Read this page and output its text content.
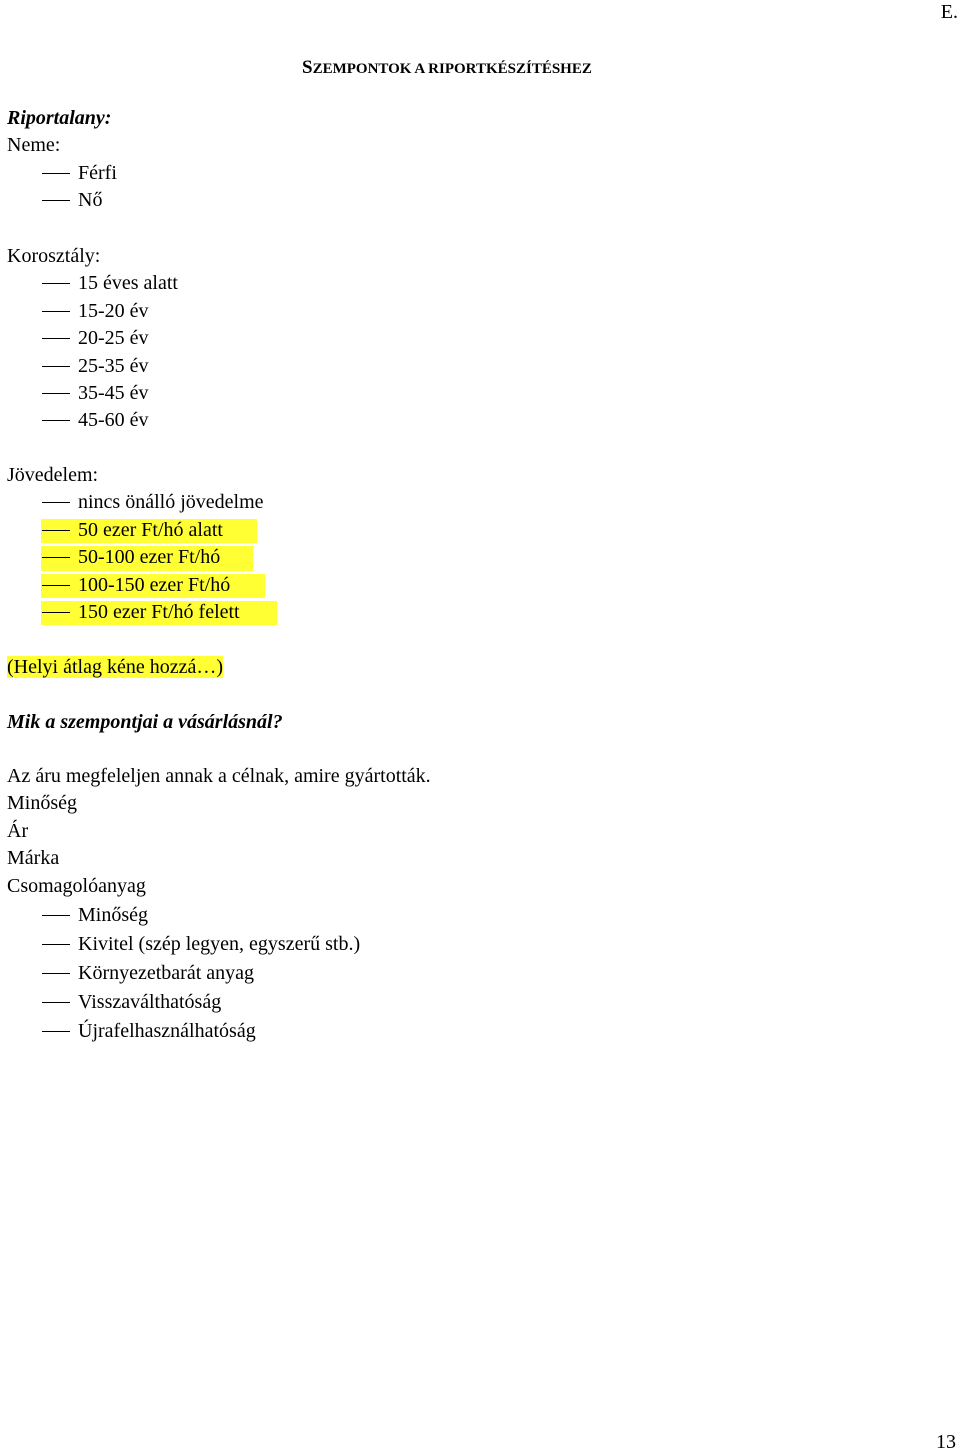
E.
SZEMPONTOK A RIPORTKÉSZÍTÉSHEZ
Riportalany:
Neme:
Férfi
Nő
Korosztály:
15 éves alatt
15-20 év
20-25 év
25-35 év
35-45 év
45-60 év
Jövedelem:
nincs önálló jövedelme
50 ezer Ft/hó alatt
50-100 ezer Ft/hó
100-150 ezer Ft/hó
150 ezer Ft/hó felett
(Helyi átlag kéne hozzá…)
Mik a szempontjai a vásárlásnál?
Az áru megfeleljen annak a célnak, amire gyártották.
Minőség
Ár
Márka
Csomagolóanyag
Minőség
Kivitel (szép legyen, egyszerű stb.)
Környezetbarát anyag
Visszaválthatóság
Újrafelhasználhatóság
13
